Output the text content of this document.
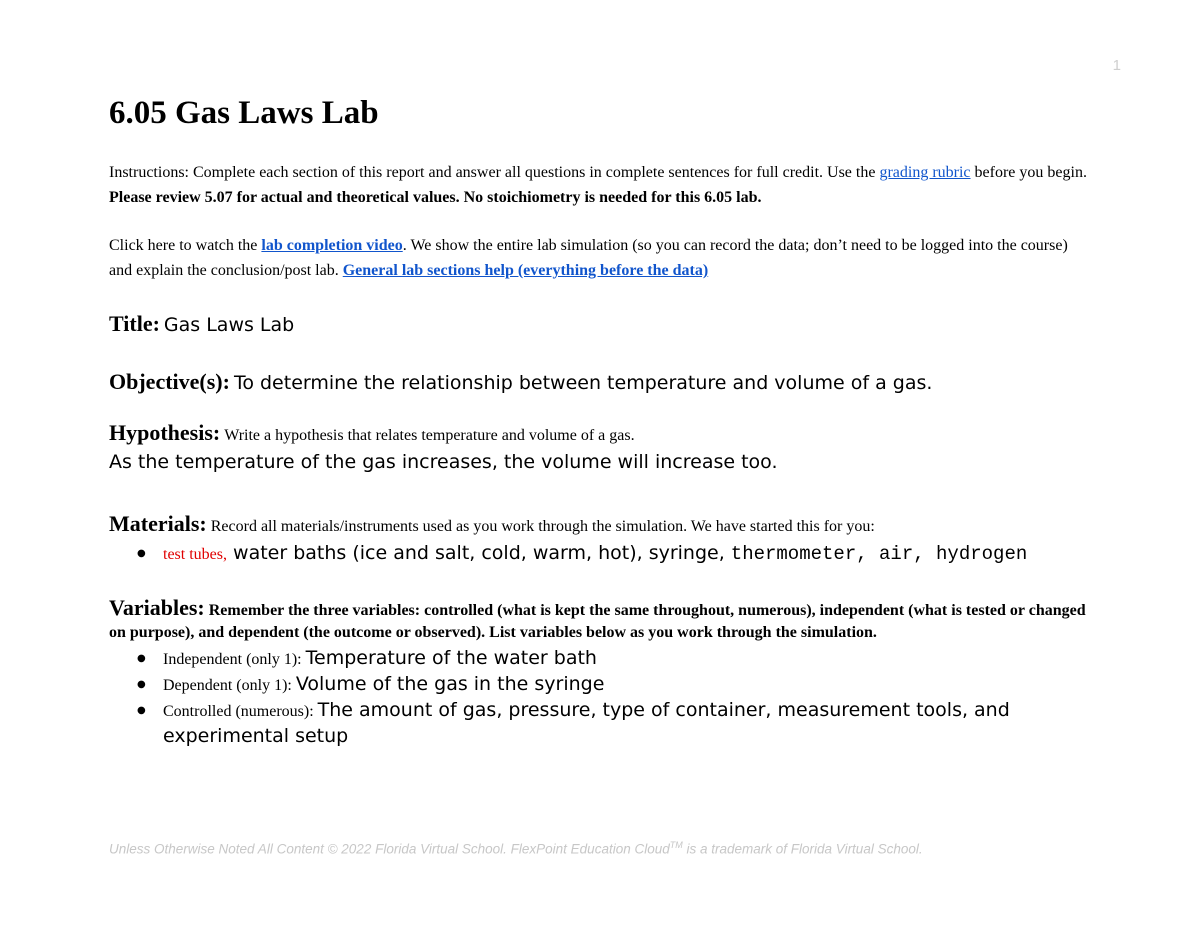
1
6.05 Gas Laws Lab

Instructions: Complete each section of this report and answer all questions in complete sentences for full credit. Use the grading rubric before you begin. Please review 5.07 for actual and theoretical values. No stoichiometry is needed for this 6.05 lab.

Click here to watch the lab completion video. We show the entire lab simulation (so you can record the data; don’t need to be logged into the course) and explain the conclusion/post lab. General lab sections help (everything before the data)

Title: Gas Laws Lab
Objective(s): To determine the relationship between temperature and volume of a gas.
Hypothesis: Write a hypothesis that relates temperature and volume of a gas.
As the temperature of the gas increases, the volume will increase too.
Materials: Record all materials/instruments used as you work through the simulation. We have started this for you:
● test tubes, water baths (ice and salt, cold, warm, hot), syringe, thermometer, air, hydrogen
Variables: Remember the three variables: controlled (what is kept the same throughout, numerous), independent (what is tested or changed on purpose), and dependent (the outcome or observed). List variables below as you work through the simulation.
● Independent (only 1): Temperature of the water bath
● Dependent (only 1): Volume of the gas in the syringe
● Controlled (numerous): The amount of gas, pressure, type of container, measurement tools, and experimental setup
Unless Otherwise Noted All Content © 2022 Florida Virtual School. FlexPoint Education Cloud™ is a trademark of Florida Virtual School.
